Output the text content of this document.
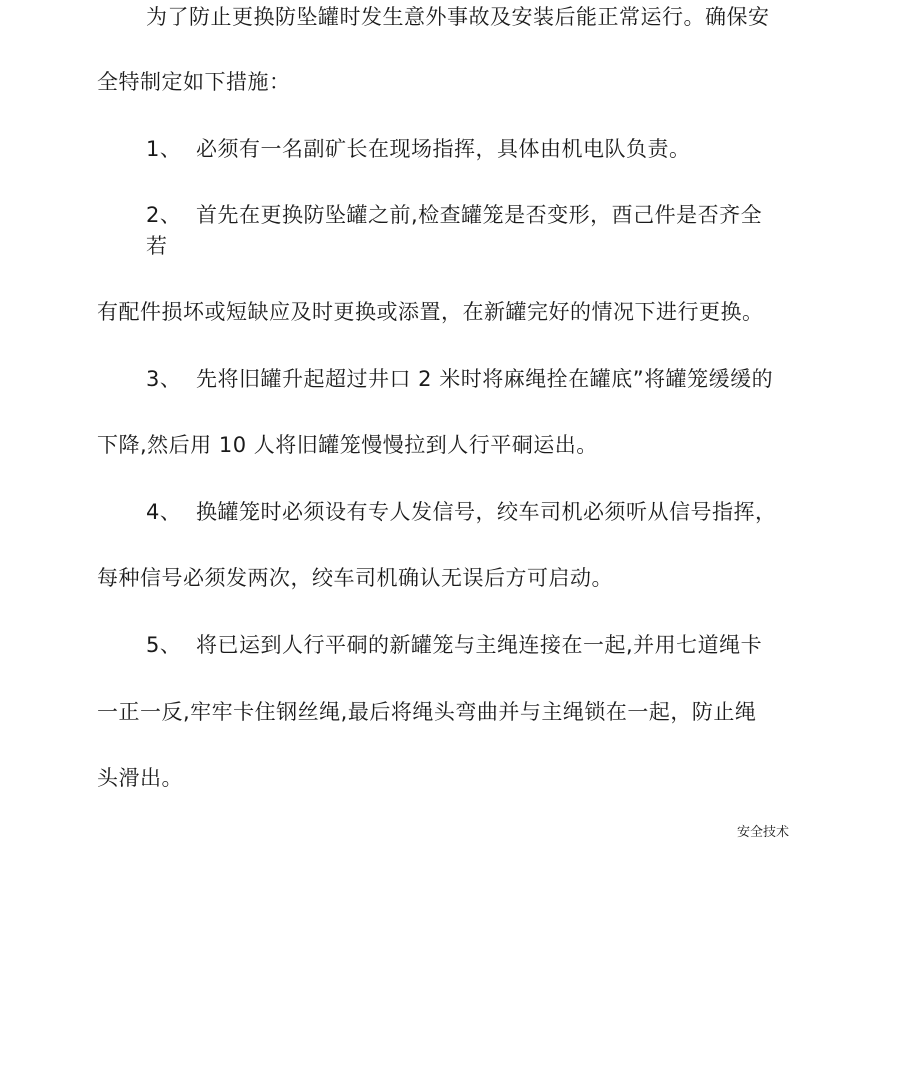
为了防止更换防坠罐时发生意外事故及安装后能正常运行。确保安
全特制定如下措施：
1、 必须有一名副矿长在现场指挥，具体由机电队负责。
2、 首先在更换防坠罐之前,检查罐笼是否变形，酉己件是否齐全
若
有配件损坏或短缺应及时更换或添置，在新罐完好的情况下进行更换。
3、 先将旧罐升起超过井口 2 米时将麻绳拴在罐底”将罐笼缓缓的
下降,然后用 10 人将旧罐笼慢慢拉到人行平硐运出。
4、 换罐笼时必须设有专人发信号，绞车司机必须听从信号指挥，
每种信号必须发两次，绞车司机确认无误后方可启动。
5、 将已运到人行平硐的新罐笼与主绳连接在一起,并用七道绳卡
一正一反,牢牢卡住钢丝绳,最后将绳头弯曲并与主绳锁在一起，防止绳
头滑出。
安全技术
